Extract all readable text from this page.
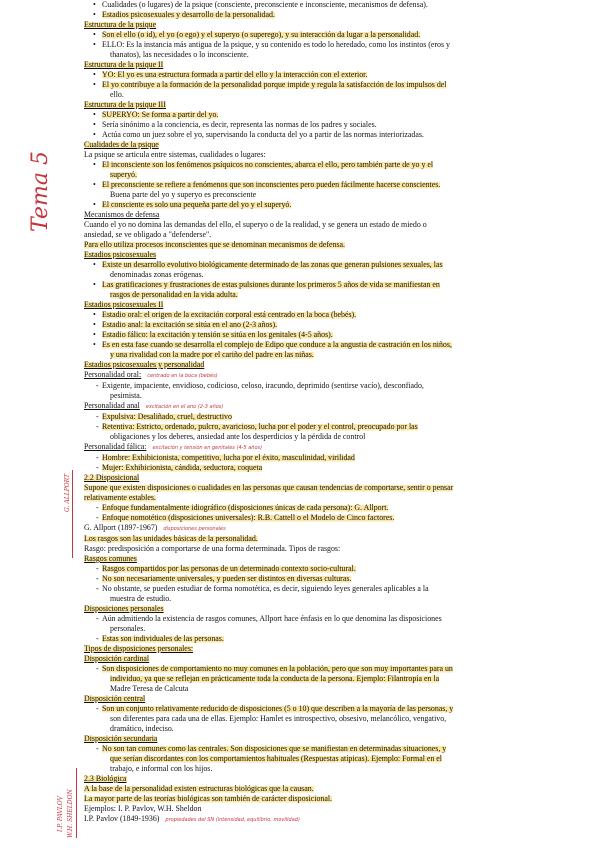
Tema 5
G. ALLPORT
I.P. PAVLOV W.H. SHELDON
• Cualidades (o lugares) de la psique (consciente, preconsciente e inconsciente, mecanismos de defensa).
• Estadios psicosexuales y desarrollo de la personalidad.
Estructura de la psique
• Son el ello (o id), el yo (o ego) y el superyo (o superego), y su interacción da lugar a la personalidad.
• ELLO: Es la instancia más antigua de la psique, y su contenido es todo lo heredado, como los instintos (eros y
thanatos), las necesidades o lo inconsciente.
Estructura de la psique II
• YO: El yo es una estructura formada a partir del ello y la interacción con el exterior.
• El yo contribuye a la formación de la personalidad porque impide y regula la satisfacción de los impulsos del
ello.
Estructura de la psique III
• SUPERYO: Se forma a partir del yo.
• Sería sinónimo a la conciencia, es decir, representa las normas de los padres y sociales.
• Actúa como un juez sobre el yo, supervisando la conducta del yo a partir de las normas interiorizadas.
Cualidades de la psique
La psique se articula entre sistemas, cualidades o lugares:
• El inconsciente son los fenómenos psíquicos no conscientes, abarca el ello, pero también parte de yo y el
superyó.
• El preconsciente se refiere a fenómenos que son inconscientes pero pueden fácilmente hacerse conscientes.
Buena parte del yo y superyo es preconsciente
• El consciente es solo una pequeña parte del yo y el superyó.
Mecanismos de defensa
Cuando el yo no domina las demandas del ello, el superyo o de la realidad, y se genera un estado de miedo o
ansiedad, se ve obligado a "defenderse".
Para ello utiliza procesos inconscientes que se denominan mecanismos de defensa.
Estadios psicosexuales
• Existe un desarrollo evolutivo biológicamente determinado de las zonas que generan pulsiones sexuales, las
denominadas zonas erógenas.
• Las gratificaciones y frustraciones de estas pulsiones durante los primeros 5 años de vida se manifiestan en
rasgos de personalidad en la vida adulta.
Estadios psicosexuales II
• Estadio oral: el origen de la excitación corporal está centrado en la boca (bebés).
• Estadio anal: la excitación se sitúa en el ano (2-3 años).
• Estadio fálico: la excitación y tensión se sitúa en los genitales (4-5 años).
• Es en esta fase cuando se desarrolla el complejo de Edipo que conduce a la angustia de castración en los niños,
y una rivalidad con la madre por el cariño del padre en las niñas.
Estadios psicosexuales y personalidad
Personalidad oral: centrado en la boca (bebés)
- Exigente, impaciente, envidioso, codicioso, celoso, iracundo, deprimido (sentirse vacío), desconfiado,
pesimista.
Personalidad anal excitación en el ano (2-3 años)
- Expulsiva: Desaliñado, cruel, destructivo
- Retentiva: Estricto, ordenado, pulcro, avaricioso, lucha por el poder y el control, preocupado por las
obligaciones y los deberes, ansiedad ante los desperdicios y la pérdida de control
Personalidad fálica: excitación y tensión en genitales (4-5 años)
- Hombre: Exhibicionista, competitivo, lucha por el éxito, masculinidad, virilidad
- Mujer: Exhibicionista, cándida, seductora, coqueta
2.2 Disposicional
Supone que existen disposiciones o cualidades en las personas que causan tendencias de comportarse, sentir o pensar
relativamente estables.
- Enfoque fundamentalmente idiográfico (disposiciones únicas de cada persona): G. Allport.
- Enfoque nomotético (disposiciones universales): R.B. Cattell o el Modelo de Cinco factores.
G. Allport (1897-1967) disposiciones personales
Los rasgos son las unidades básicas de la personalidad.
Rasgo: predisposición a comportarse de una forma determinada. Tipos de rasgos:
Rasgos comunes
- Rasgos compartidos por las personas de un determinado contexto socio-cultural.
- No son necesariamente universales, y pueden ser distintos en diversas culturas.
- No obstante, se pueden estudiar de forma nomotética, es decir, siguiendo leyes generales aplicables a la
muestra de estudio.
Disposiciones personales
- Aún admitiendo la existencia de rasgos comunes, Allport hace énfasis en lo que denomina las disposiciones
personales.
- Estas son individuales de las personas.
Tipos de disposiciones personales:
Disposición cardinal
- Son disposiciones de comportamiento no muy comunes en la población, pero que son muy importantes para un
individuo, ya que se reflejan en prácticamente toda la conducta de la persona. Ejemplo: Filantropía en la
Madre Teresa de Calcuta
Disposición central
- Son un conjunto relativamente reducido de disposiciones (5 o 10) que describen a la mayoría de las personas, y
son diferentes para cada una de ellas. Ejemplo: Hamlet es introspectivo, obsesivo, melancólico, vengativo,
dramático, indeciso.
Disposición secundaria
- No son tan comunes como las centrales. Son disposiciones que se manifiestan en determinadas situaciones, y
que serían discordantes con los comportamientos habituales (Respuestas atípicas). Ejemplo: Formal en el
trabajo, e informal con los hijos.
2.3 Biológica
A la base de la personalidad existen estructuras biológicas que la causan.
La mayor parte de las teorías biológicas son también de carácter disposicional.
Ejemplos: I. P. Pavlov, W.H. Sheldon
I.P. Pavlov (1849-1936) propiedades del SN (intensidad, equilibrio, movilidad)
